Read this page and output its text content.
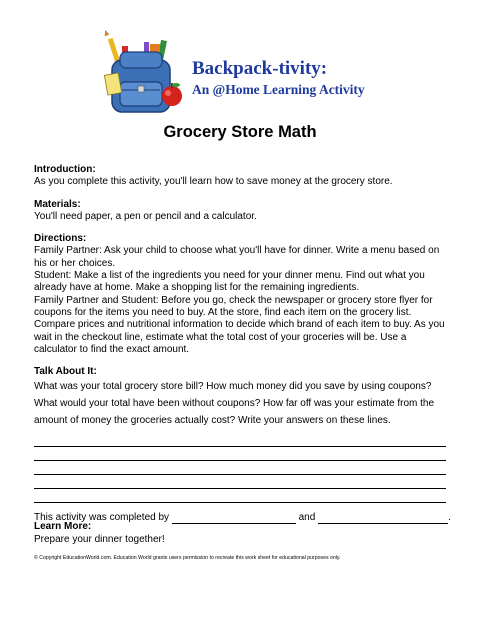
Backpack-tivity:

An @Home Learning Activity

Grocery Store Math
Introduction:

As you complete this activity, you'll learn how to save money at the grocery store.

Materials:

You'll need paper, a pen or pencil and a calculator.

Directions:

Family Partner: Ask your child to choose what you'll have for dinner. Write a menu based on his or her choices.

Student: Make a list of the ingredients you need for your dinner menu. Find out what you already have at home. Make a shopping list for the remaining ingredients.

Family Partner and Student: Before you go, check the newspaper or grocery store flyer for coupons for the items you need to buy. At the store, find each item on the grocery list. Compare prices and nutritional information to decide which brand of each item to buy. As you wait in the checkout line, estimate what the total cost of your groceries will be. Use a calculator to find the exact amount.

Talk About It:

What was your total grocery store bill? How much money did you save by using coupons? What would your total have been without coupons? How far off was your estimate from the amount of money the groceries actually cost? Write your answers on these lines.

Learn More:

Prepare your dinner together!

This activity was completed by	and	.
© Copyright EducationWorld.com. Education World grants users permission to recreate this work sheet for educational purposes only.
